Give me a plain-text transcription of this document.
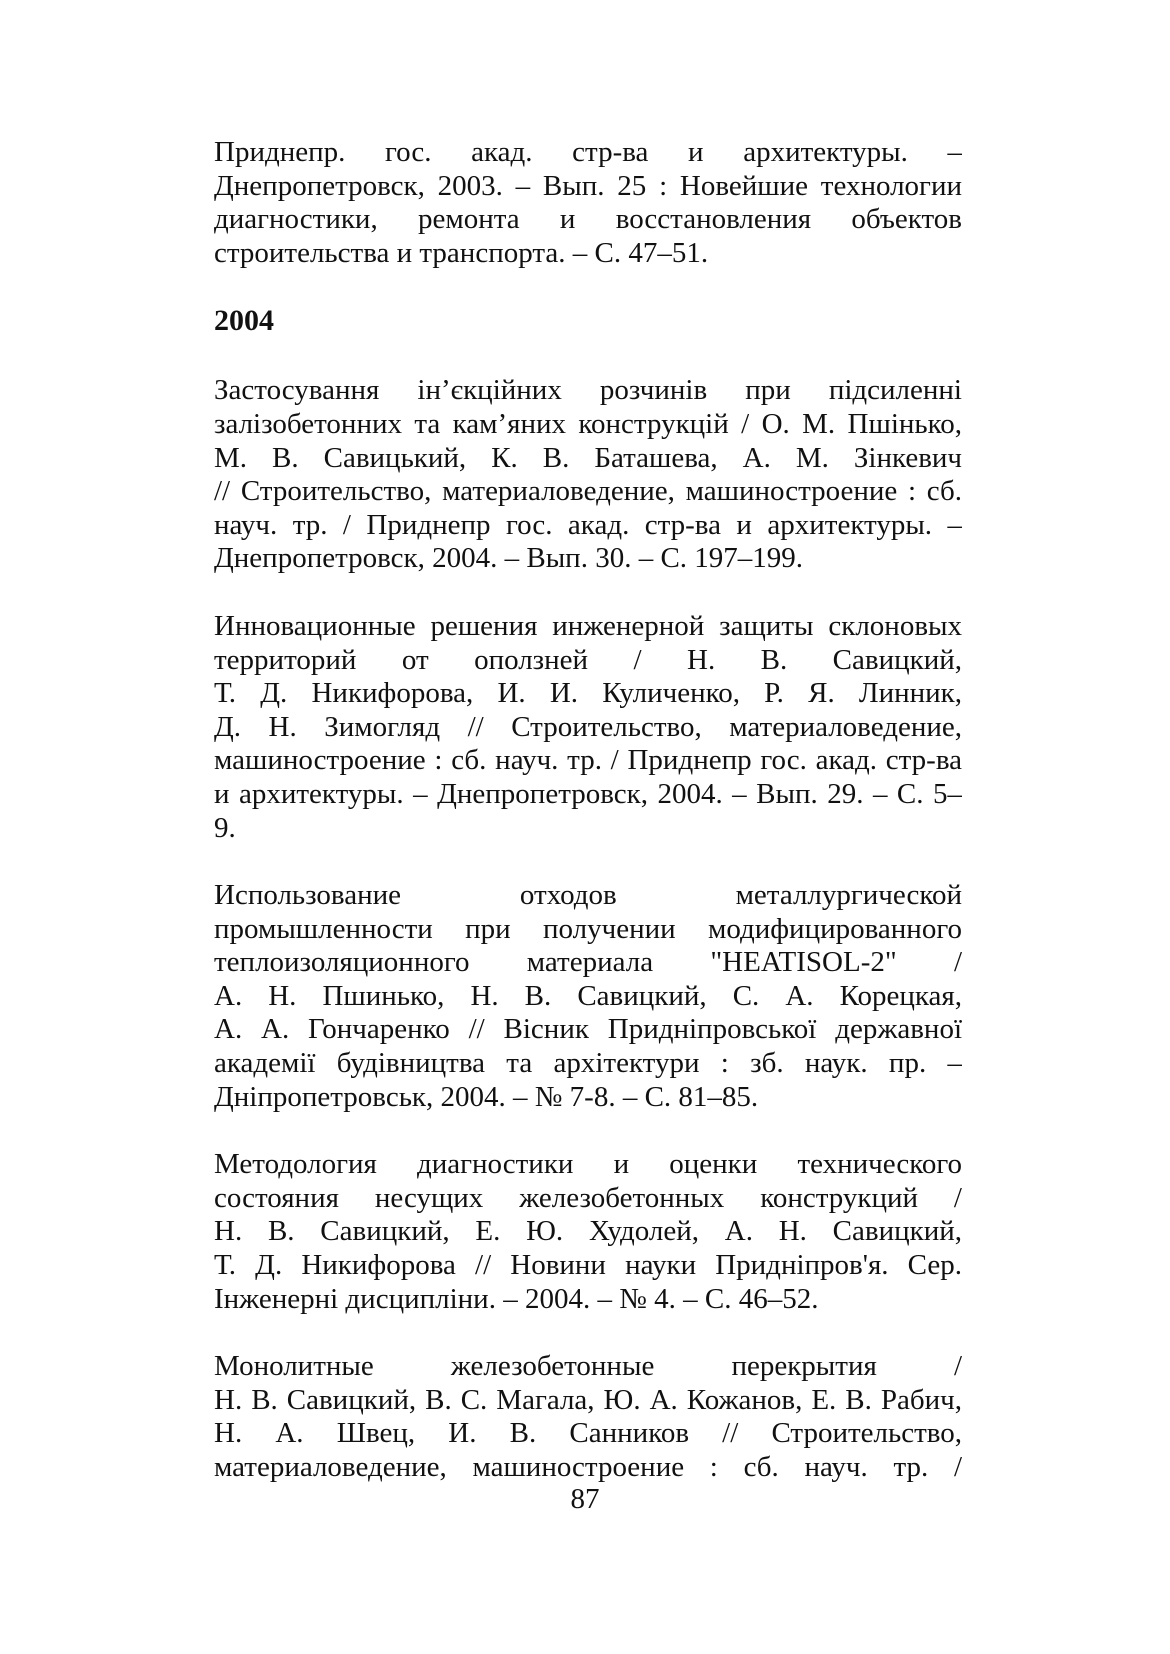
Приднепр. гос. акад. стр-ва и архитектуры. –
Днепропетровск, 2003. – Вып. 25 : Новейшие технологии
диагностики, ремонта и восстановления объектов
строительства и транспорта. – С. 47–51.

2004

Застосування ін’єкційних розчинів при підсиленні
залізобетонних та кам’яних конструкцій / О. М. Пшінько,
М. В. Савицький, К. В. Баташева, А. М. Зінкевич
// Строительство, материаловедение, машиностроение : сб.
науч. тр. / Приднепр гос. акад. стр-ва и архитектуры. –
Днепропетровск, 2004. – Вып. 30. – С. 197–199.

Инновационные решения инженерной защиты склоновых
территорий от оползней / Н. В. Савицкий,
Т. Д. Никифорова, И. И. Куличенко, Р. Я. Линник,
Д. Н. Зимогляд // Строительство, материаловедение,
машиностроение : сб. науч. тр. / Приднепр гос. акад. стр-ва
и архитектуры. – Днепропетровск, 2004. – Вып. 29. – С. 5–
9.

Использование отходов металлургической
промышленности при получении модифицированного
теплоизоляционного материала "HEATISOL-2" /
А. Н. Пшинько, Н. В. Савицкий, С. А. Корецкая,
А. А. Гончаренко // Вісник Придніпровської державної
академії будівництва та архітектури : зб. наук. пр. –
Дніпропетровськ, 2004. – № 7-8. – С. 81–85.

Методология диагностики и оценки технического
состояния несущих железобетонных конструкций /
Н. В. Савицкий, Е. Ю. Худолей, А. Н. Савицкий,
Т. Д. Никифорова // Новини науки Придніпров'я. Сер.
Інженерні дисципліни. – 2004. – № 4. – С. 46–52.

Монолитные железобетонные перекрытия /
Н. В. Савицкий, В. С. Магала, Ю. А. Кожанов, Е. В. Рабич,
Н. А. Швец, И. В. Санников // Строительство,
материаловедение, машиностроение : сб. науч. тр. /

87
